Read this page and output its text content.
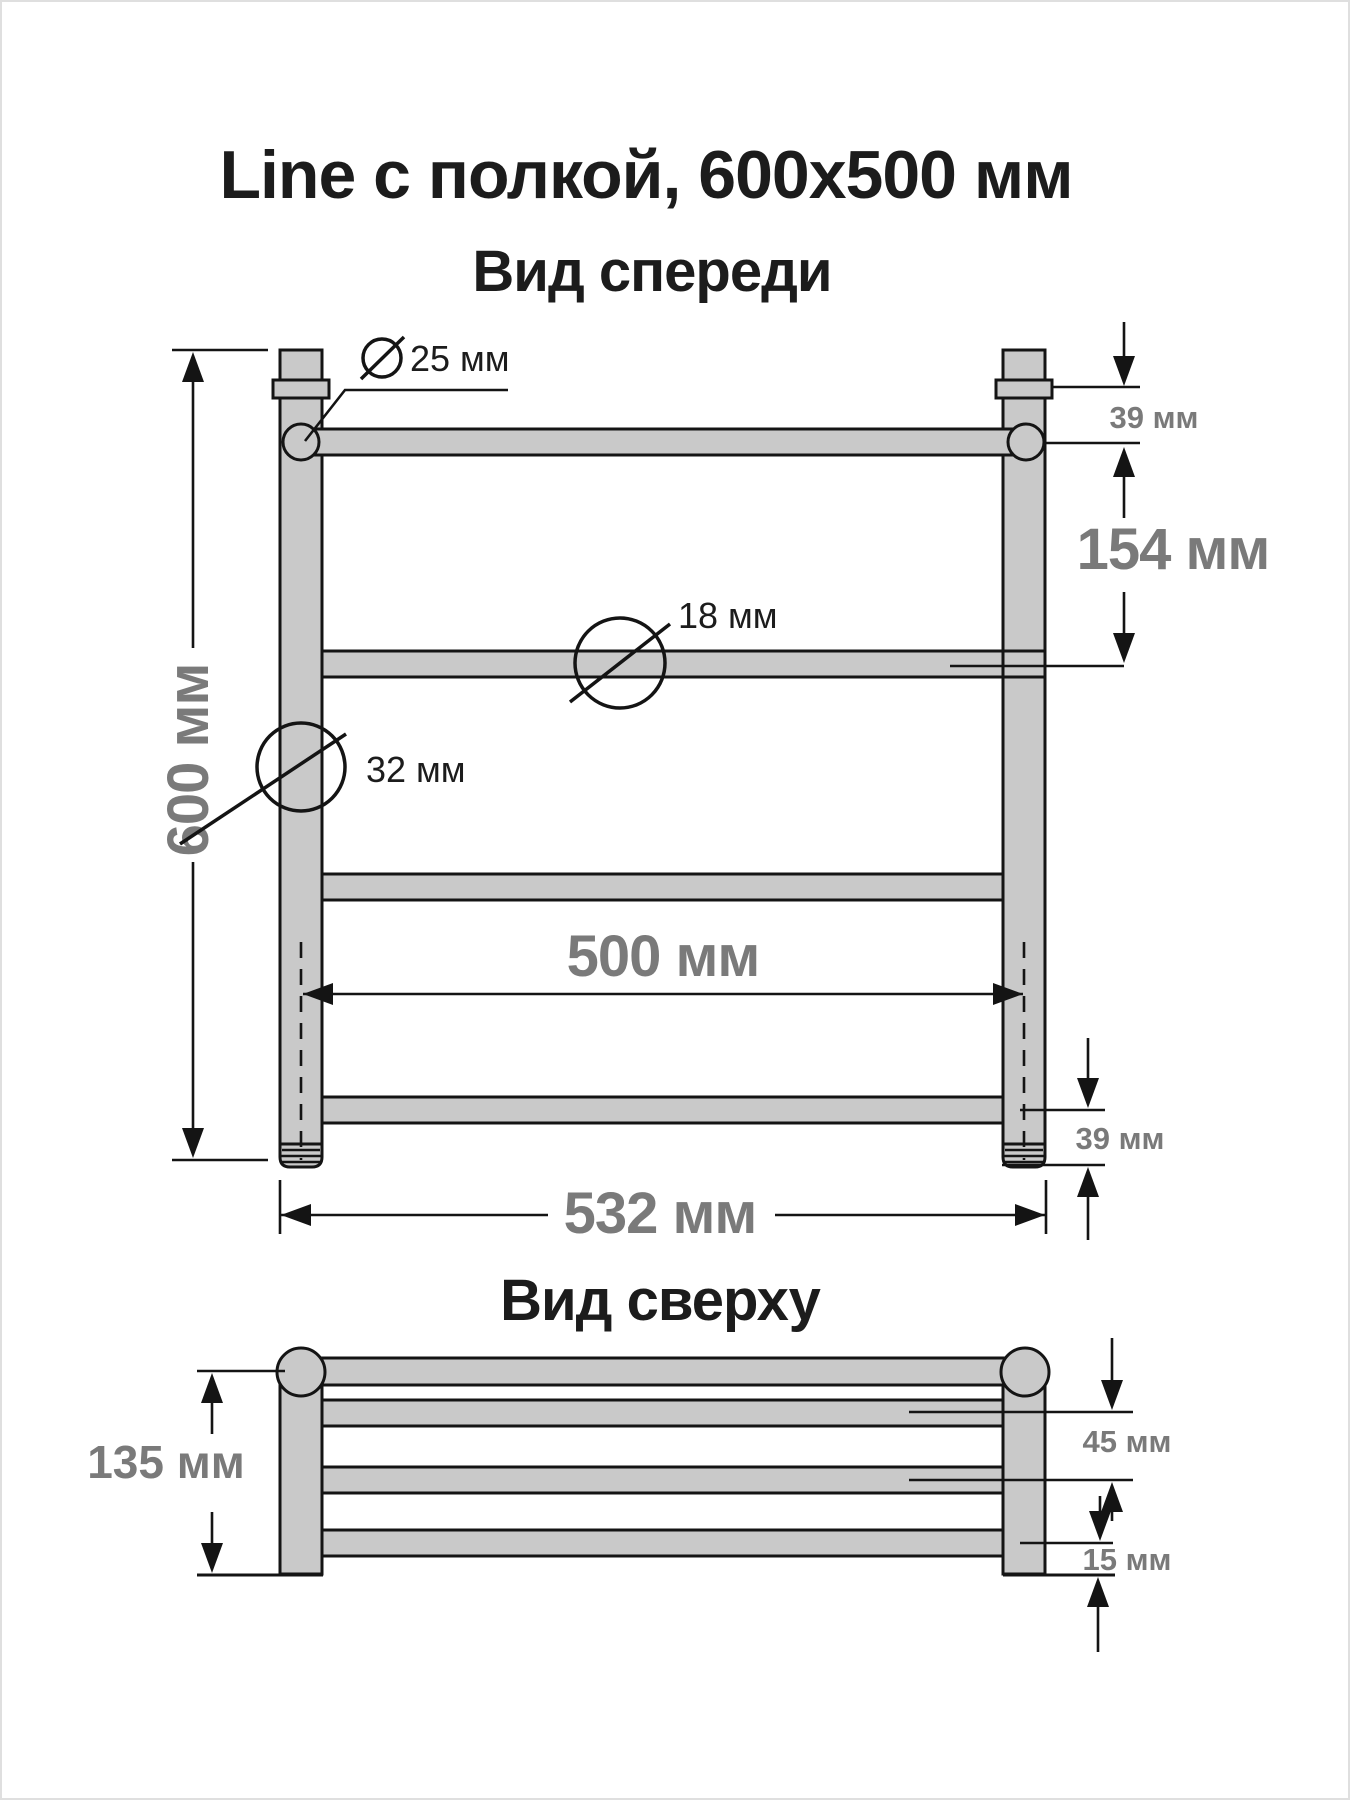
Line с полкой, 600x500 мм
Вид спереди
600 мм
25 мм
39 мм
154 мм
18 мм
32 мм
500 мм
39 мм
532 мм
Вид сверху
135 мм	45 мм
15 мм
